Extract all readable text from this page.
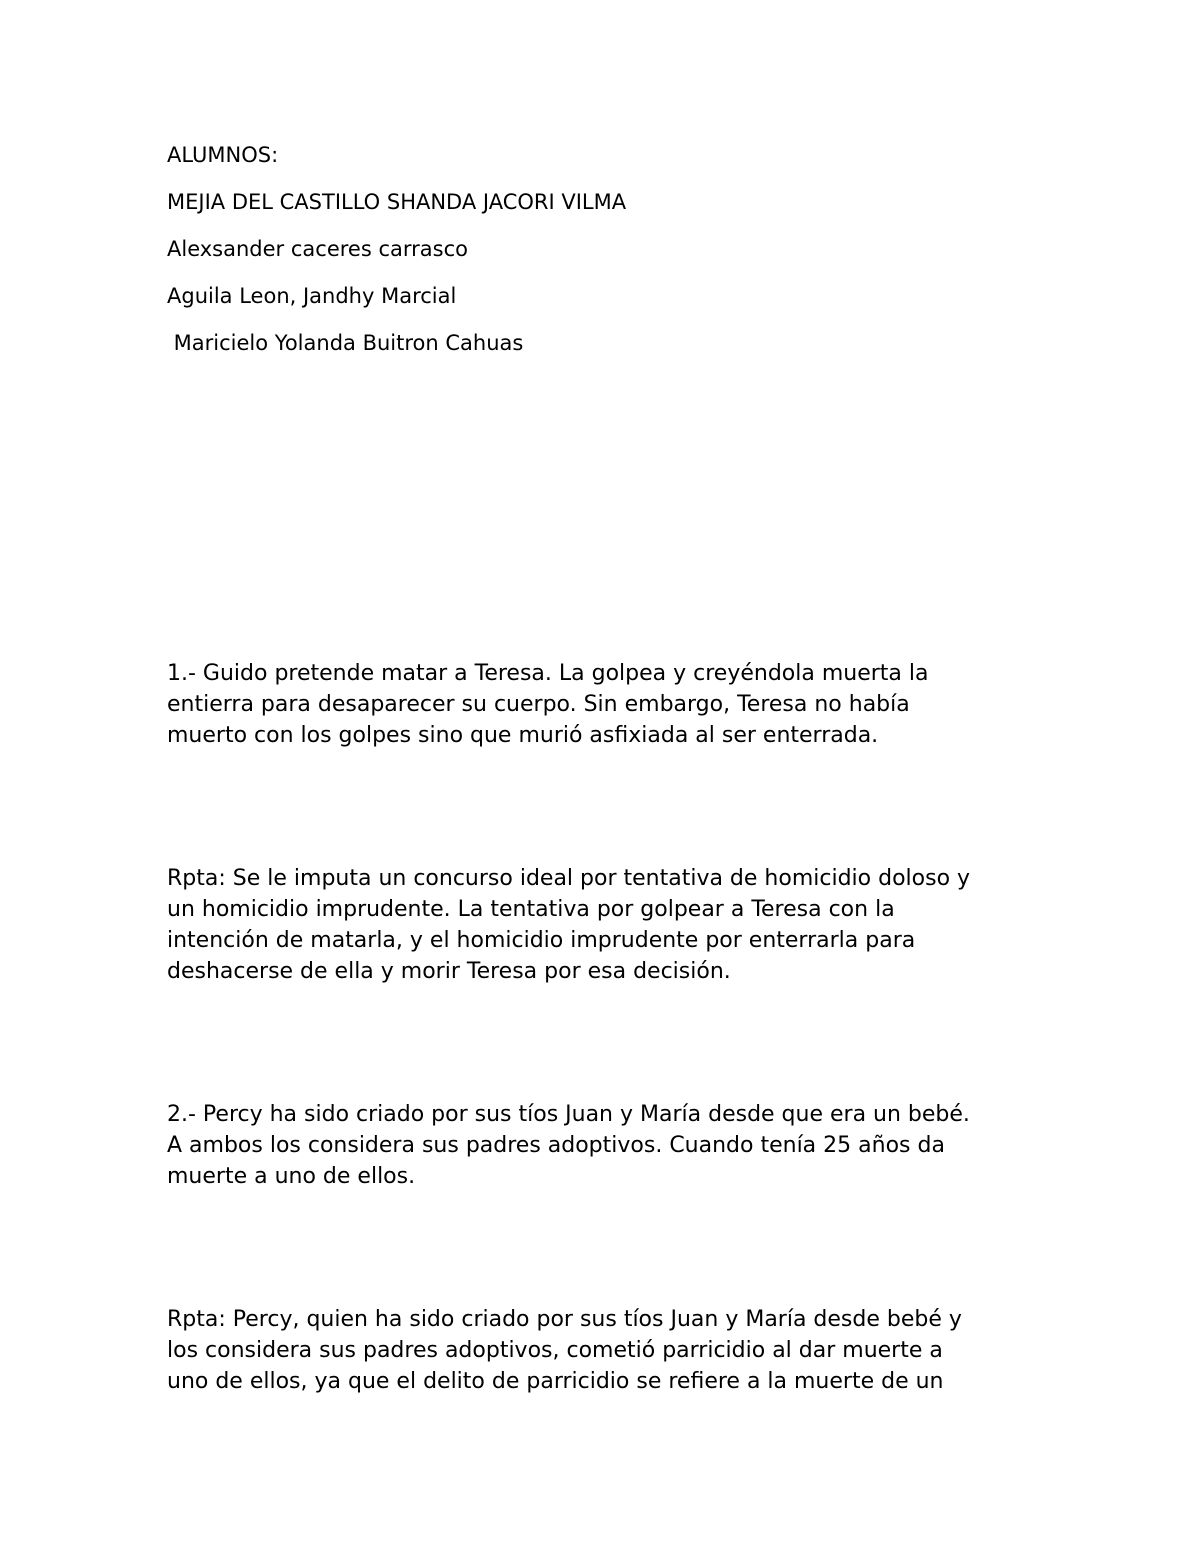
ALUMNOS:

MEJIA DEL CASTILLO SHANDA JACORI VILMA

Alexsander caceres carrasco

Aguila Leon, Jandhy Marcial

Maricielo Yolanda Buitron Cahuas

1.- Guido pretende matar a Teresa. La golpea y creyéndola muerta la
entierra para desaparecer su cuerpo. Sin embargo, Teresa no había
muerto con los golpes sino que murió asfixiada al ser enterrada.
Rpta: Se le imputa un concurso ideal por tentativa de homicidio doloso y
un homicidio imprudente. La tentativa por golpear a Teresa con la
intención de matarla, y el homicidio imprudente por enterrarla para
deshacerse de ella y morir Teresa por esa decisión.
2.- Percy ha sido criado por sus tíos Juan y María desde que era un bebé.
A ambos los considera sus padres adoptivos. Cuando tenía 25 años da
muerte a uno de ellos.
Rpta: Percy, quien ha sido criado por sus tíos Juan y María desde bebé y
los considera sus padres adoptivos, cometió parricidio al dar muerte a
uno de ellos, ya que el delito de parricidio se refiere a la muerte de un
